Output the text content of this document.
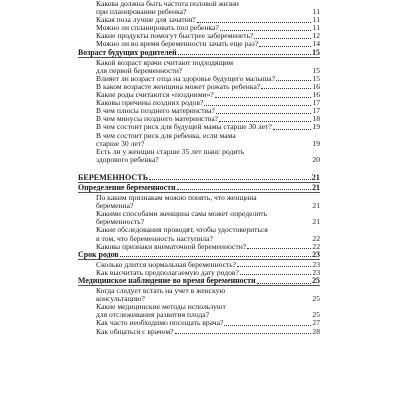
Какова должна быть частота половой жизни
при планировании ребенка?	11
Какая поза лучше для зачатия?	11
Можно ли спланировать пол ребенка?	11
Какие продукты помогут быстрее забеременеть?	12
Можно ли во время беременности зачать еще раз?	14
Возраст будущих родителей	15
Какой возраст врачи считают подходящим
для первой беременности?	15
Влияет ли возраст отца на здоровье будущего малыша?	15
В каком возрасте женщина может рожать ребенка?	16
Какие роды считаются «поздними»?	16
Каковы причины поздних родов?	17
В чем плюсы позднего материнства?	17
В чем минусы позднего материнства?	18
В чем состоит риск для будущей мамы старше 30 лет?	19
В чем состоит риск для ребенка, если мама
старше 30 лет?	19
Есть ли у женщин старше 35 лет шанс родить
здорового ребенка?	20
БЕРЕМЕННОСТЬ	21
Определение беременности	21
По каким признакам можно понять, что женщина
беременна?	21
Какими способами женщина сама может определить
беременность?	21
Какие обследования проводят, чтобы удостовериться
в том, что беременность наступила?	22
Каковы признаки внематочной беременности?	22
Срок родов	23
Сколько длится нормальная беременность?	23
Как высчитать предполагаемую дату родов?	23
Медицинское наблюдение во время беременности	25
Когда следует встать на учет в женскую
консультацию?	25
Какие медицинские методы используют
для отслеживания развития плода?	25
Как часто необходимо посещать врача?	27
Как общаться с врачом?	28
